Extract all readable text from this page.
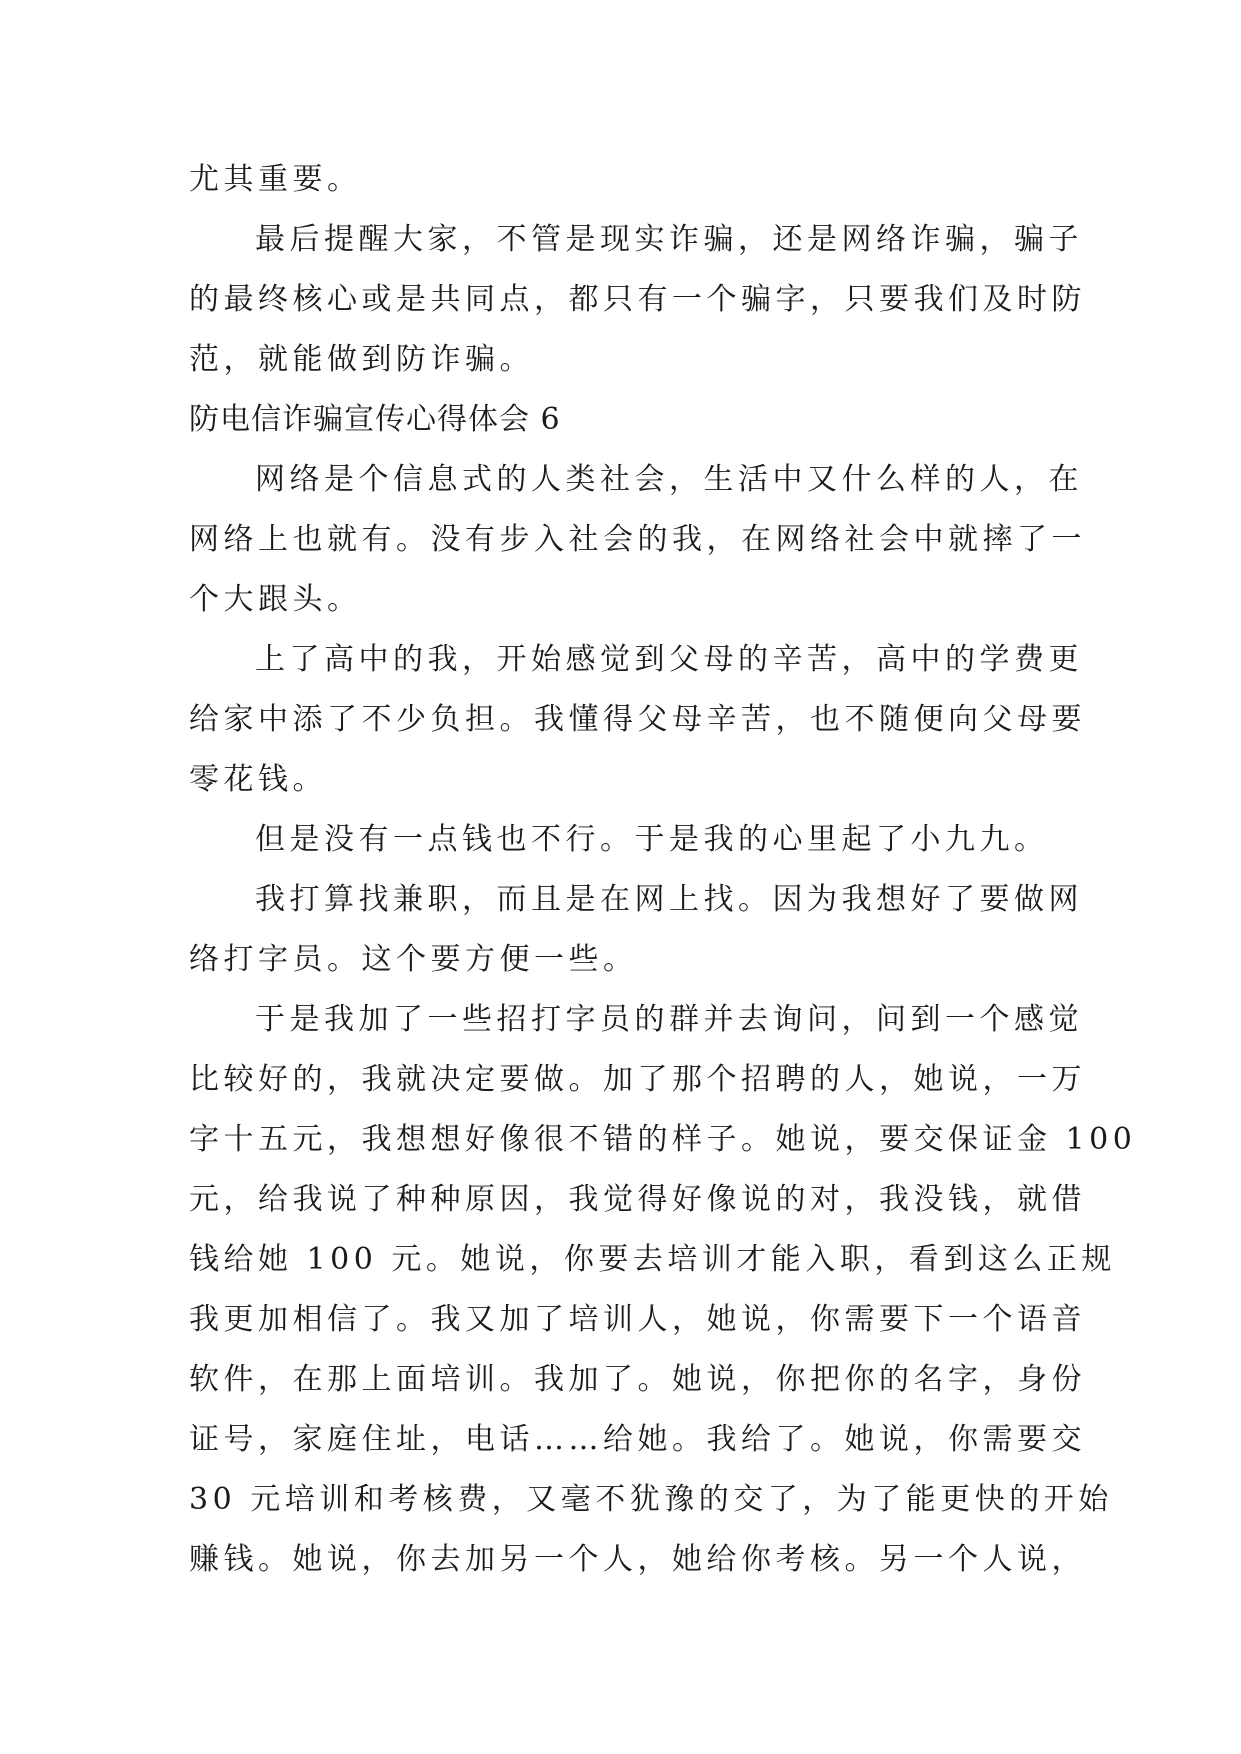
尤其重要。

最后提醒大家，不管是现实诈骗，还是网络诈骗，骗子

的最终核心或是共同点，都只有一个骗字，只要我们及时防

范，就能做到防诈骗。

防电信诈骗宣传心得体会 6

网络是个信息式的人类社会，生活中又什么样的人，在

网络上也就有。没有步入社会的我，在网络社会中就摔了一

个大跟头。

上了高中的我，开始感觉到父母的辛苦，高中的学费更

给家中添了不少负担。我懂得父母辛苦，也不随便向父母要

零花钱。

但是没有一点钱也不行。于是我的心里起了小九九。

我打算找兼职，而且是在网上找。因为我想好了要做网

络打字员。这个要方便一些。

于是我加了一些招打字员的群并去询问，问到一个感觉

比较好的，我就决定要做。加了那个招聘的人，她说，一万

字十五元，我想想好像很不错的样子。她说，要交保证金 100

元，给我说了种种原因，我觉得好像说的对，我没钱，就借

钱给她 100 元。她说，你要去培训才能入职，看到这么正规

我更加相信了。我又加了培训人，她说，你需要下一个语音

软件，在那上面培训。我加了。她说，你把你的名字，身份

证号，家庭住址，电话……给她。我给了。她说，你需要交

30 元培训和考核费，又毫不犹豫的交了，为了能更快的开始

赚钱。她说，你去加另一个人，她给你考核。另一个人说，
